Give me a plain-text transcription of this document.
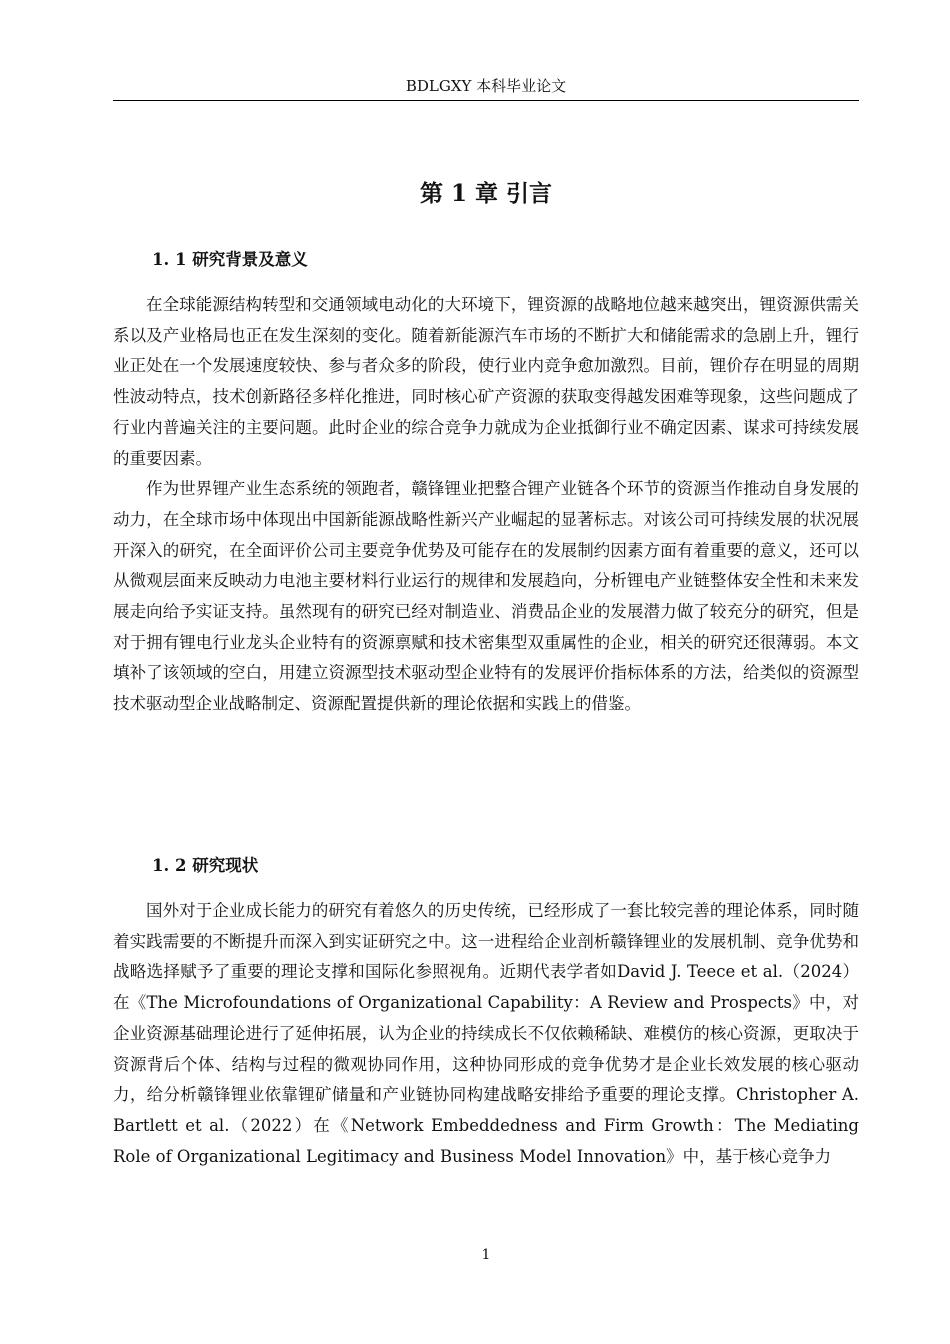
BDLGXY 本科毕业论文
第 1 章 引言
1. 1 研究背景及意义

在全球能源结构转型和交通领域电动化的大环境下，锂资源的战略地位越来越突出，锂资源供需关系以及产业格局也正在发生深刻的变化。随着新能源汽车市场的不断扩大和储能需求的急剧上升，锂行业正处在一个发展速度较快、参与者众多的阶段，使行业内竞争愈加激烈。目前，锂价存在明显的周期性波动特点，技术创新路径多样化推进，同时核心矿产资源的获取变得越发困难等现象，这些问题成了行业内普遍关注的主要问题。此时企业的综合竞争力就成为企业抵御行业不确定因素、谋求可持续发展的重要因素。

作为世界锂产业生态系统的领跑者，赣锋锂业把整合锂产业链各个环节的资源当作推动自身发展的动力，在全球市场中体现出中国新能源战略性新兴产业崛起的显著标志。对该公司可持续发展的状况展开深入的研究，在全面评价公司主要竞争优势及可能存在的发展制约因素方面有着重要的意义，还可以从微观层面来反映动力电池主要材料行业运行的规律和发展趋向，分析锂电产业链整体安全性和未来发展走向给予实证支持。虽然现有的研究已经对制造业、消费品企业的发展潜力做了较充分的研究，但是对于拥有锂电行业龙头企业特有的资源禀赋和技术密集型双重属性的企业，相关的研究还很薄弱。本文填补了该领域的空白，用建立资源型技术驱动型企业特有的发展评价指标体系的方法，给类似的资源型技术驱动型企业战略制定、资源配置提供新的理论依据和实践上的借鉴。

1. 2 研究现状

国外对于企业成长能力的研究有着悠久的历史传统，已经形成了一套比较完善的理论体系，同时随着实践需要的不断提升而深入到实证研究之中。这一进程给企业剖析赣锋锂业的发展机制、竞争优势和战略选择赋予了重要的理论支撑和国际化参照视角。近期代表学者如David J. Teece et al.（2024）在《The Microfoundations of Organizational Capability：A Review and Prospects》中，对企业资源基础理论进行了延伸拓展，认为企业的持续成长不仅依赖稀缺、难模仿的核心资源，更取决于资源背后个体、结构与过程的微观协同作用，这种协同形成的竞争优势才是企业长效发展的核心驱动力，给分析赣锋锂业依靠锂矿储量和产业链协同构建战略安排给予重要的理论支撑。Christopher A. Bartlett et al.（2022）在《Network Embeddedness and Firm Growth：The Mediating Role of Organizational Legitimacy and Business Model Innovation》中，基于核心竞争力

1
